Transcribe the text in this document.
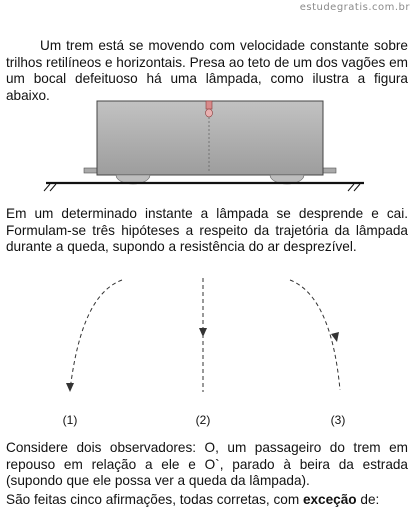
estudegratis.com.br

Um trem está se movendo com velocidade constante sobre trilhos retilíneos e horizontais. Presa ao teto de um dos vagões em um bocal defeituoso há uma lâmpada, como ilustra a figura abaixo.

Em um determinado instante a lâmpada se desprende e cai. Formulam-se três hipóteses a respeito da trajetória da lâmpada durante a queda, supondo a resistência do ar desprezível.

(1)	(2)	(3)

Considere dois observadores: O, um passageiro do trem em repouso em relação a ele e O`, parado à beira da estrada (supondo que ele possa ver a queda da lâmpada).

São feitas cinco afirmações, todas corretas, com exceção de:
